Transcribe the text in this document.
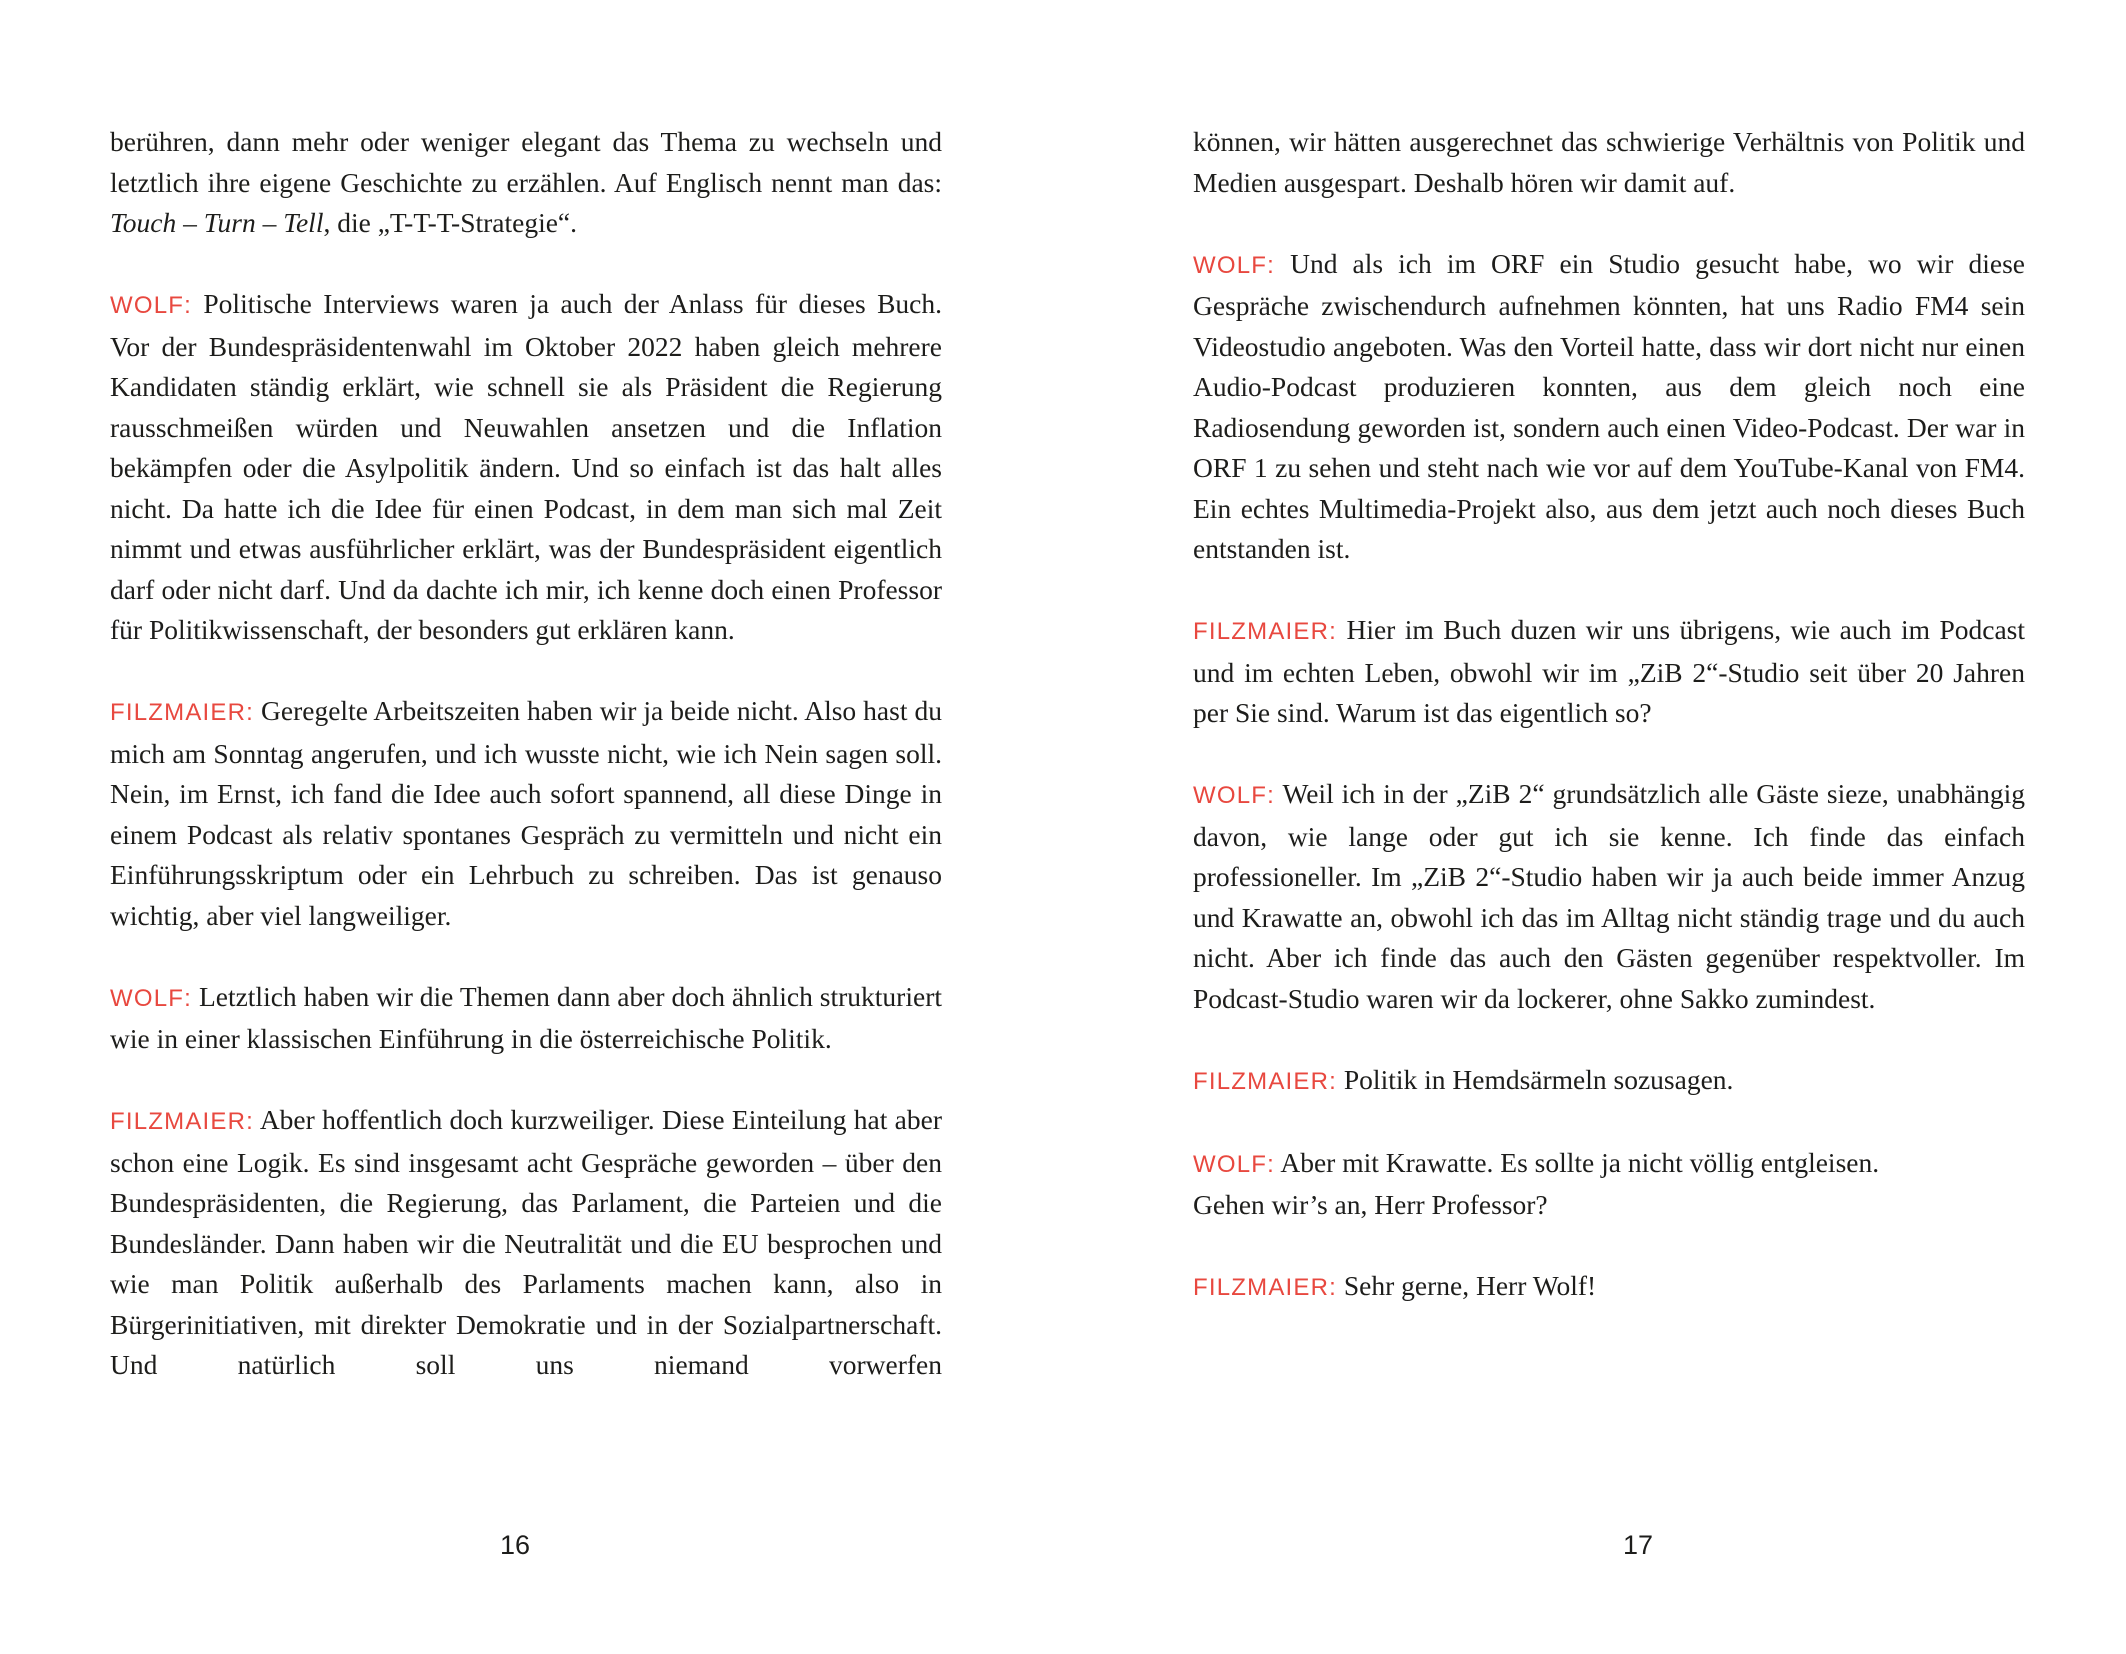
berühren, dann mehr oder weniger elegant das Thema zu wechseln und letztlich ihre eigene Geschichte zu erzählen. Auf Englisch nennt man das: Touch – Turn – Tell, die „T-T-T-Strategie“.

WOLF: Politische Interviews waren ja auch der Anlass für dieses Buch. Vor der Bundespräsidentenwahl im Oktober 2022 haben gleich mehrere Kandidaten ständig erklärt, wie schnell sie als Präsident die Regierung rausschmeißen würden und Neuwahlen ansetzen und die Inflation bekämpfen oder die Asylpolitik ändern. Und so einfach ist das halt alles nicht. Da hatte ich die Idee für einen Podcast, in dem man sich mal Zeit nimmt und etwas ausführlicher erklärt, was der Bundespräsident eigentlich darf oder nicht darf. Und da dachte ich mir, ich kenne doch einen Professor für Politikwissenschaft, der besonders gut erklären kann.

FILZMAIER: Geregelte Arbeitszeiten haben wir ja beide nicht. Also hast du mich am Sonntag angerufen, und ich wusste nicht, wie ich Nein sagen soll. Nein, im Ernst, ich fand die Idee auch sofort spannend, all diese Dinge in einem Podcast als relativ spontanes Gespräch zu vermitteln und nicht ein Einführungsskriptum oder ein Lehrbuch zu schreiben. Das ist genauso wichtig, aber viel langweiliger.

WOLF: Letztlich haben wir die Themen dann aber doch ähnlich strukturiert wie in einer klassischen Einführung in die österreichische Politik.

FILZMAIER: Aber hoffentlich doch kurzweiliger. Diese Einteilung hat aber schon eine Logik. Es sind insgesamt acht Gespräche geworden – über den Bundespräsidenten, die Regierung, das Parlament, die Parteien und die Bundesländer. Dann haben wir die Neutralität und die EU besprochen und wie man Politik außerhalb des Parlaments machen kann, also in Bürgerinitiativen, mit direkter Demokratie und in der Sozialpartnerschaft. Und natürlich soll uns niemand vorwerfen

16

können, wir hätten ausgerechnet das schwierige Verhältnis von Politik und Medien ausgespart. Deshalb hören wir damit auf.

WOLF: Und als ich im ORF ein Studio gesucht habe, wo wir diese Gespräche zwischendurch aufnehmen könnten, hat uns Radio FM4 sein Videostudio angeboten. Was den Vorteil hatte, dass wir dort nicht nur einen Audio-Podcast produzieren konnten, aus dem gleich noch eine Radiosendung geworden ist, sondern auch einen Video-Podcast. Der war in ORF 1 zu sehen und steht nach wie vor auf dem YouTube-Kanal von FM4. Ein echtes Multimedia-Projekt also, aus dem jetzt auch noch dieses Buch entstanden ist.

FILZMAIER: Hier im Buch duzen wir uns übrigens, wie auch im Podcast und im echten Leben, obwohl wir im „ZiB 2“-Studio seit über 20 Jahren per Sie sind. Warum ist das eigentlich so?

WOLF: Weil ich in der „ZiB 2“ grundsätzlich alle Gäste sieze, unabhängig davon, wie lange oder gut ich sie kenne. Ich finde das einfach professioneller. Im „ZiB 2“-Studio haben wir ja auch beide immer Anzug und Krawatte an, obwohl ich das im Alltag nicht ständig trage und du auch nicht. Aber ich finde das auch den Gästen gegenüber respektvoller. Im Podcast-Studio waren wir da lockerer, ohne Sakko zumindest.

FILZMAIER: Politik in Hemdsärmeln sozusagen.

WOLF: Aber mit Krawatte. Es sollte ja nicht völlig entgleisen.
Gehen wir’s an, Herr Professor?

FILZMAIER: Sehr gerne, Herr Wolf!

17
